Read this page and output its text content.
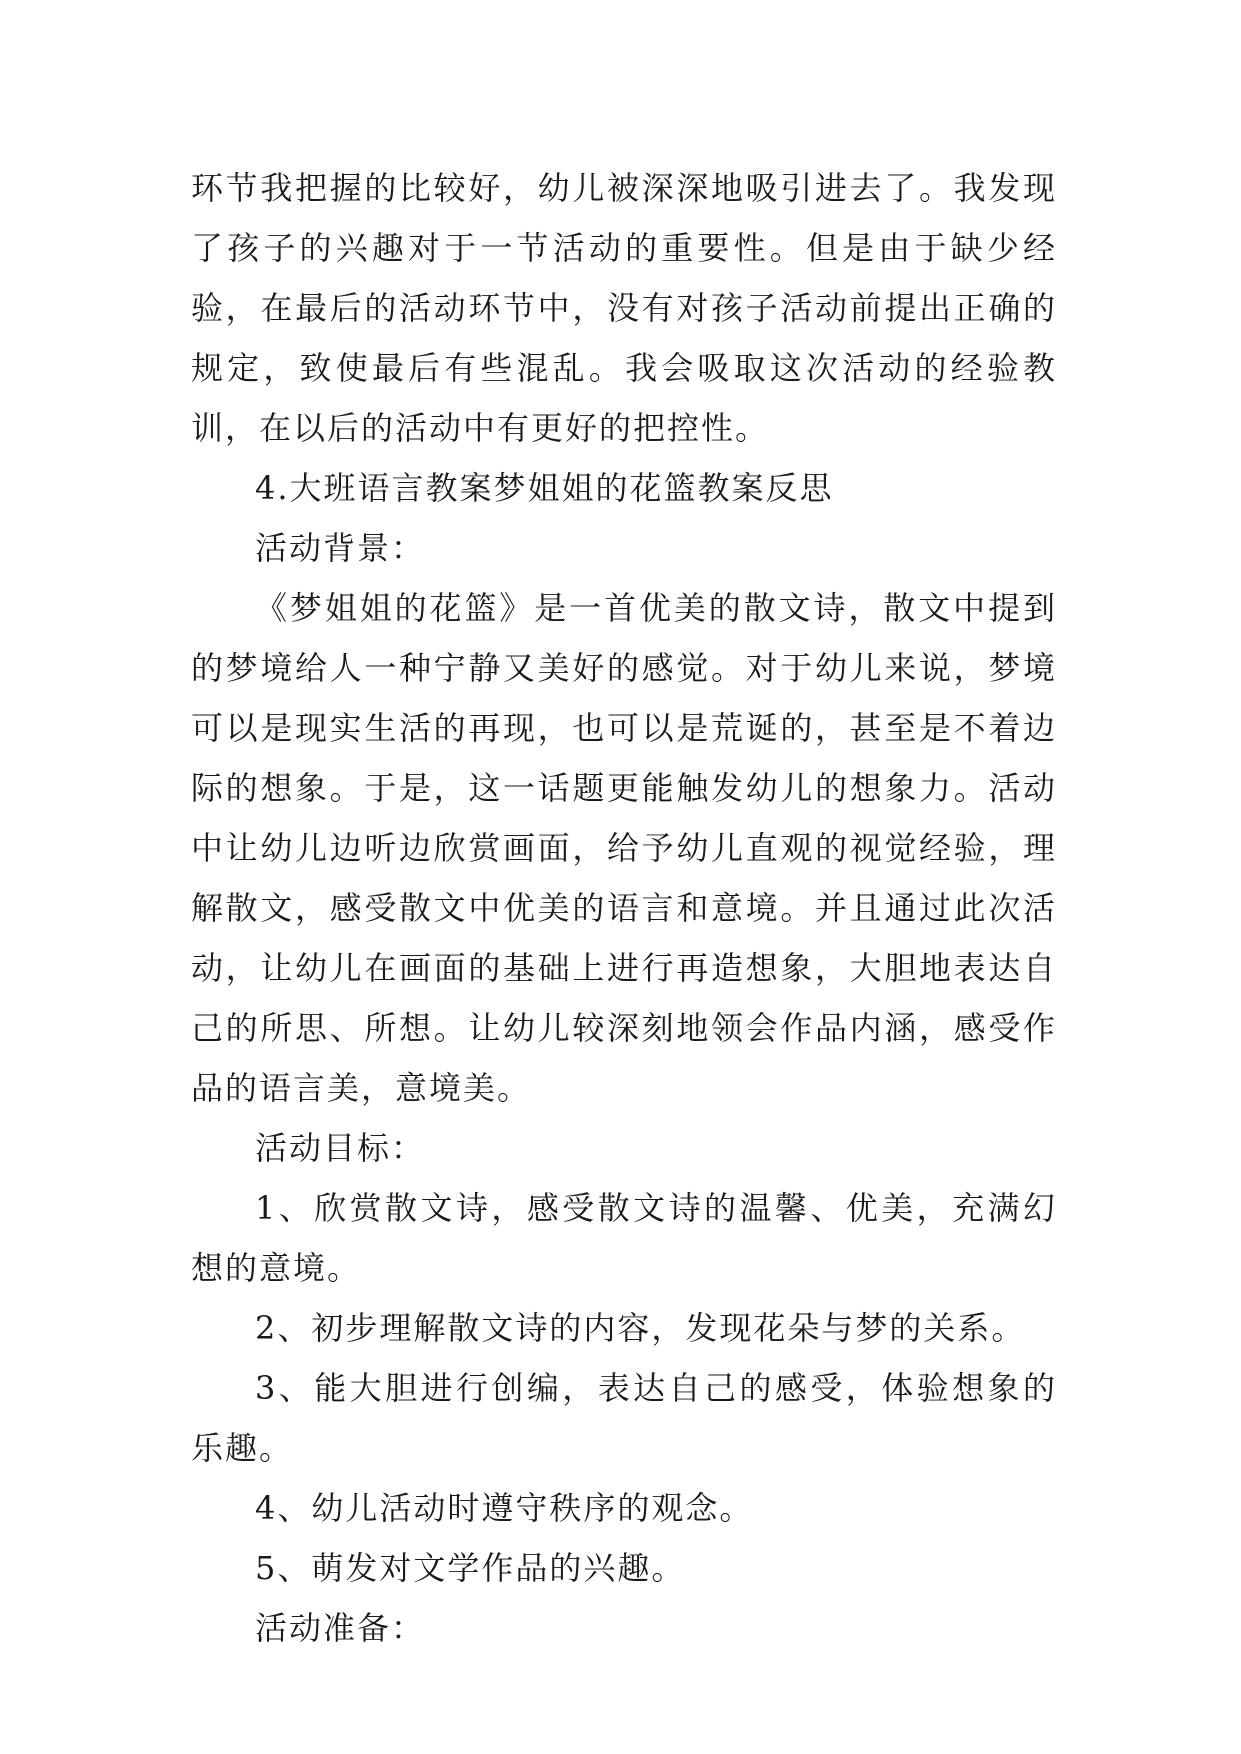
环节我把握的比较好，幼儿被深深地吸引进去了。我发现了孩子的兴趣对于一节活动的重要性。但是由于缺少经验，在最后的活动环节中，没有对孩子活动前提出正确的规定，致使最后有些混乱。我会吸取这次活动的经验教训，在以后的活动中有更好的把控性。

4.大班语言教案梦姐姐的花篮教案反思

活动背景：

《梦姐姐的花篮》是一首优美的散文诗，散文中提到的梦境给人一种宁静又美好的感觉。对于幼儿来说，梦境可以是现实生活的再现，也可以是荒诞的，甚至是不着边际的想象。于是，这一话题更能触发幼儿的想象力。活动中让幼儿边听边欣赏画面，给予幼儿直观的视觉经验，理解散文，感受散文中优美的语言和意境。并且通过此次活动，让幼儿在画面的基础上进行再造想象，大胆地表达自己的所思、所想。让幼儿较深刻地领会作品内涵，感受作品的语言美，意境美。

活动目标：

1、欣赏散文诗，感受散文诗的温馨、优美，充满幻想的意境。

2、初步理解散文诗的内容，发现花朵与梦的关系。

3、能大胆进行创编，表达自己的感受，体验想象的乐趣。

4、幼儿活动时遵守秩序的观念。

5、萌发对文学作品的兴趣。

活动准备：
